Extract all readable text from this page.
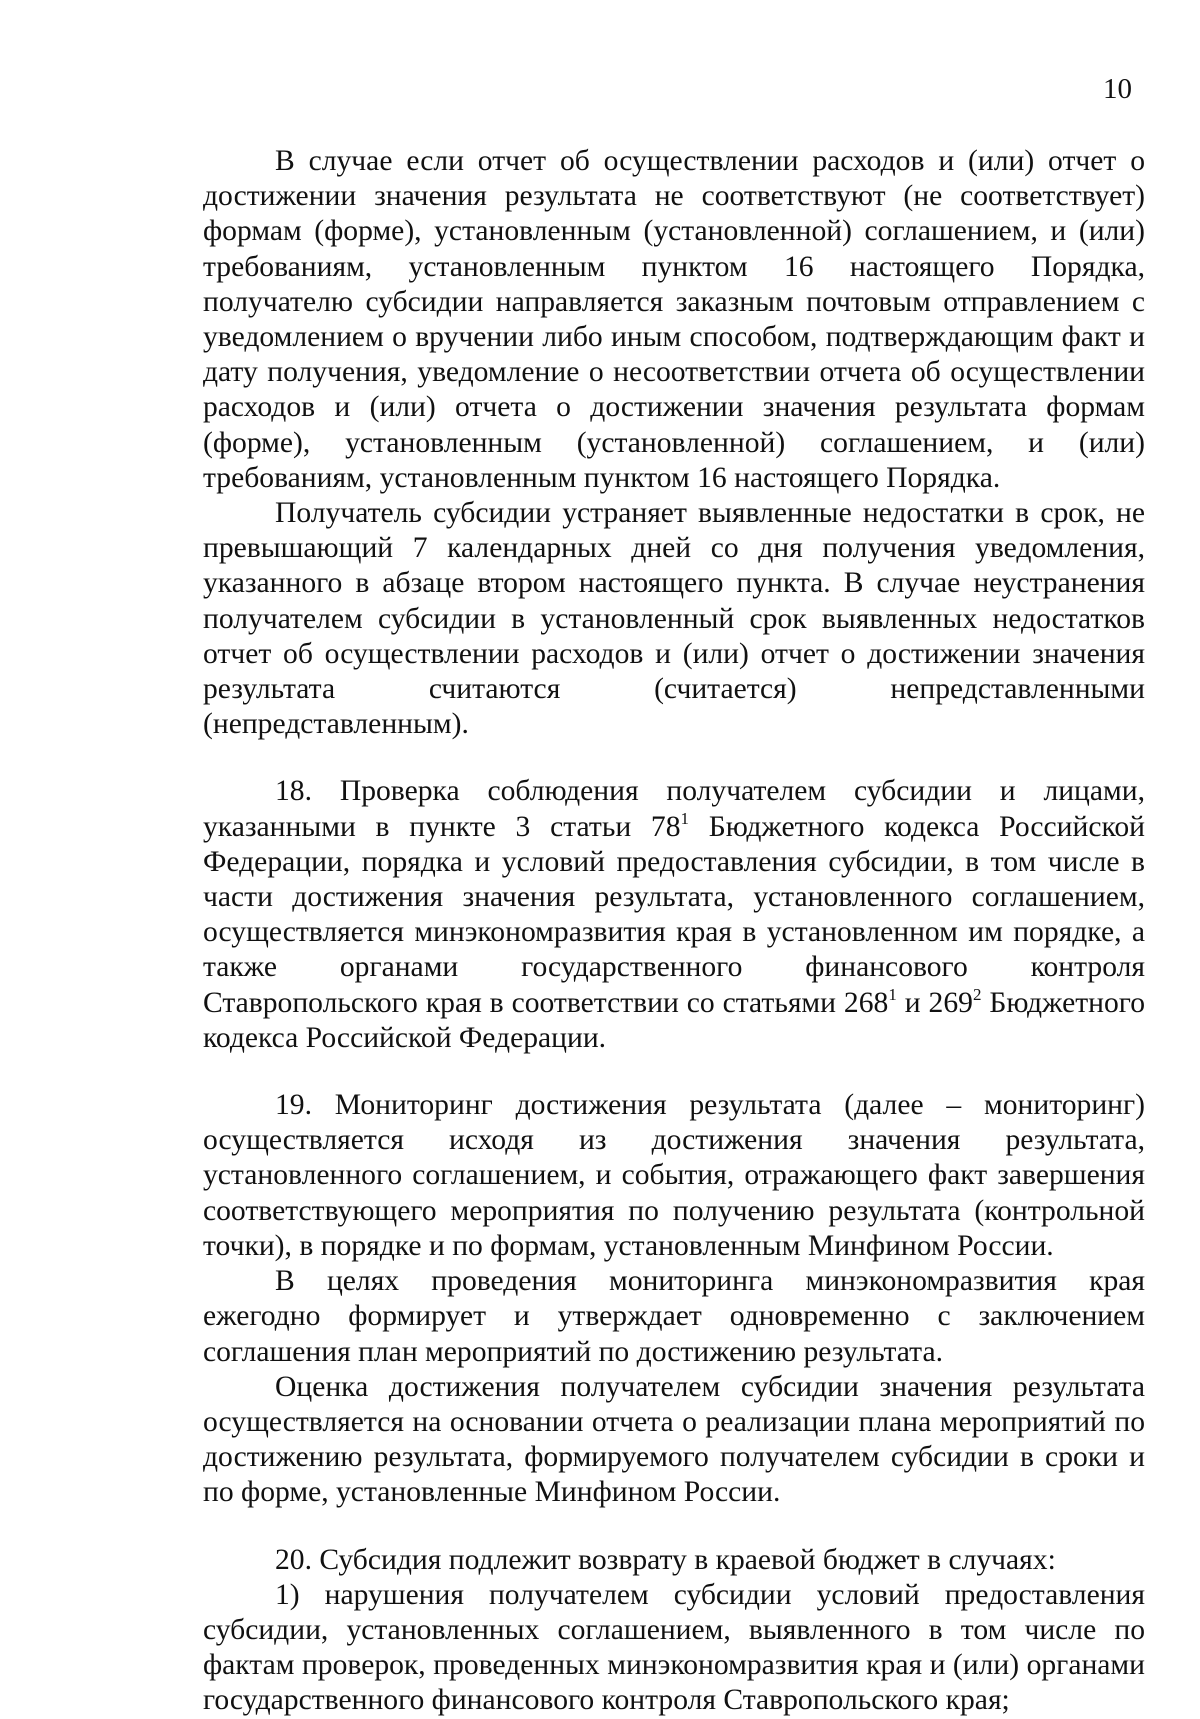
10

В случае если отчет об осуществлении расходов и (или) отчет о достижении значения результата не соответствуют (не соответствует) формам (форме), установленным (установленной) соглашением, и (или) требованиям, установленным пунктом 16 настоящего Порядка, получателю субсидии направляется заказным почтовым отправлением с уведомлением о вручении либо иным способом, подтверждающим факт и дату получения, уведомление о несоответствии отчета об осуществлении расходов и (или) отчета о достижении значения результата формам (форме), установленным (установленной) соглашением, и (или) требованиям, установленным пунктом 16 настоящего Порядка.

Получатель субсидии устраняет выявленные недостатки в срок, не превышающий 7 календарных дней со дня получения уведомления, указанного в абзаце втором настоящего пункта. В случае неустранения получателем субсидии в установленный срок выявленных недостатков отчет об осуществлении расходов и (или) отчет о достижении значения результата считаются (считается) непредставленными (непредставленным).

18. Проверка соблюдения получателем субсидии и лицами, указанными в пункте 3 статьи $78^1$ Бюджетного кодекса Российской Федерации, порядка и условий предоставления субсидии, в том числе в части достижения значения результата, установленного соглашением, осуществляется минэкономразвития края в установленном им порядке, а также органами государственного финансового контроля Ставропольского края в соответствии со статьями $268^1$ и $269^2$ Бюджетного кодекса Российской Федерации.

19. Мониторинг достижения результата (далее – мониторинг) осуществляется исходя из достижения значения результата, установленного соглашением, и события, отражающего факт завершения соответствующего мероприятия по получению результата (контрольной точки), в порядке и по формам, установленным Минфином России.

В целях проведения мониторинга минэкономразвития края ежегодно формирует и утверждает одновременно с заключением соглашения план мероприятий по достижению результата.

Оценка достижения получателем субсидии значения результата осуществляется на основании отчета о реализации плана мероприятий по достижению результата, формируемого получателем субсидии в сроки и по форме, установленные Минфином России.

20. Субсидия подлежит возврату в краевой бюджет в случаях:

1) нарушения получателем субсидии условий предоставления субсидии, установленных соглашением, выявленного в том числе по фактам проверок, проведенных минэкономразвития края и (или) органами государственного финансового контроля Ставропольского края;
